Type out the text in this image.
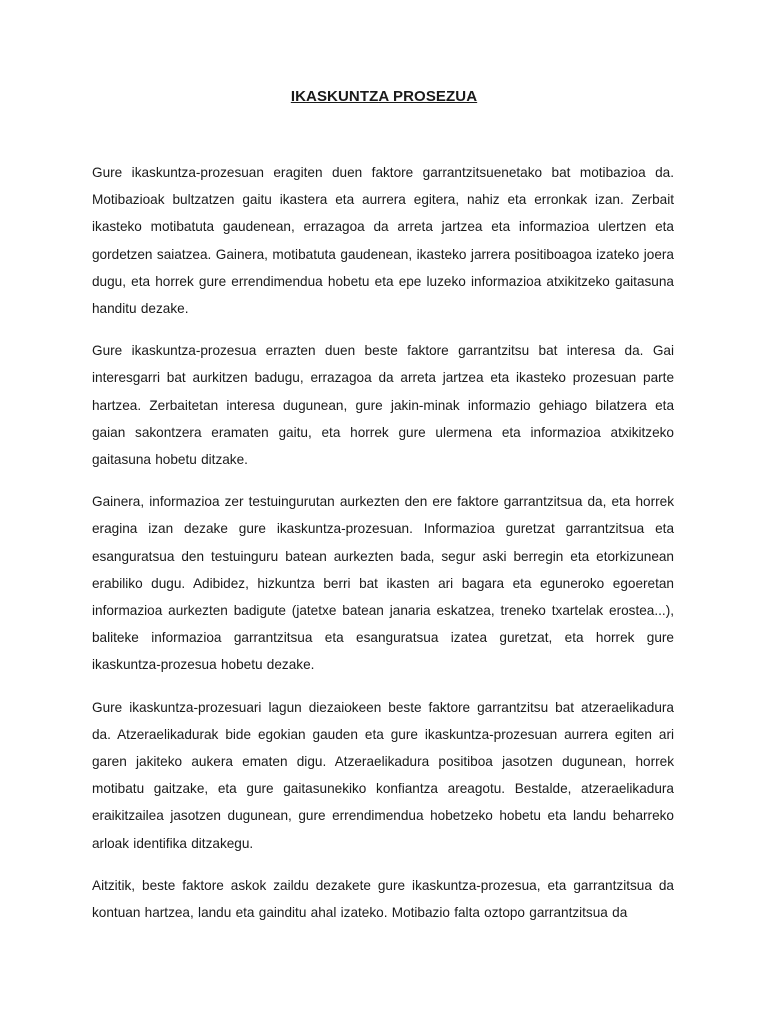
IKASKUNTZA PROSEZUA

Gure ikaskuntza-prozesuan eragiten duen faktore garrantzitsuenetako bat motibazioa da. Motibazioak bultzatzen gaitu ikastera eta aurrera egitera, nahiz eta erronkak izan. Zerbait ikasteko motibatuta gaudenean, errazagoa da arreta jartzea eta informazioa ulertzen eta gordetzen saiatzea. Gainera, motibatuta gaudenean, ikasteko jarrera positiboagoa izateko joera dugu, eta horrek gure errendimendua hobetu eta epe luzeko informazioa atxikitzeko gaitasuna handitu dezake.

Gure ikaskuntza-prozesua errazten duen beste faktore garrantzitsu bat interesa da. Gai interesgarri bat aurkitzen badugu, errazagoa da arreta jartzea eta ikasteko prozesuan parte hartzea. Zerbaitetan interesa dugunean, gure jakin-minak informazio gehiago bilatzera eta gaian sakontzera eramaten gaitu, eta horrek gure ulermena eta informazioa atxikitzeko gaitasuna hobetu ditzake.

Gainera, informazioa zer testuingurutan aurkezten den ere faktore garrantzitsua da, eta horrek eragina izan dezake gure ikaskuntza-prozesuan. Informazioa guretzat garrantzitsua eta esanguratsua den testuinguru batean aurkezten bada, segur aski berregin eta etorkizunean erabiliko dugu. Adibidez, hizkuntza berri bat ikasten ari bagara eta eguneroko egoeretan informazioa aurkezten badigute (jatetxe batean janaria eskatzea, treneko txartelak erostea...), baliteke informazioa garrantzitsua eta esanguratsua izatea guretzat, eta horrek gure ikaskuntza-prozesua hobetu dezake.

Gure ikaskuntza-prozesuari lagun diezaiokeen beste faktore garrantzitsu bat atzeraelikadura da. Atzeraelikadurak bide egokian gauden eta gure ikaskuntza-prozesuan aurrera egiten ari garen jakiteko aukera ematen digu. Atzeraelikadura positiboa jasotzen dugunean, horrek motibatu gaitzake, eta gure gaitasunekiko konfiantza areagotu. Bestalde, atzeraelikadura eraikitzailea jasotzen dugunean, gure errendimendua hobetzeko hobetu eta landu beharreko arloak identifika ditzakegu.

Aitzitik, beste faktore askok zaildu dezakete gure ikaskuntza-prozesua, eta garrantzitsua da kontuan hartzea, landu eta gainditu ahal izateko. Motibazio falta oztopo garrantzitsua da
